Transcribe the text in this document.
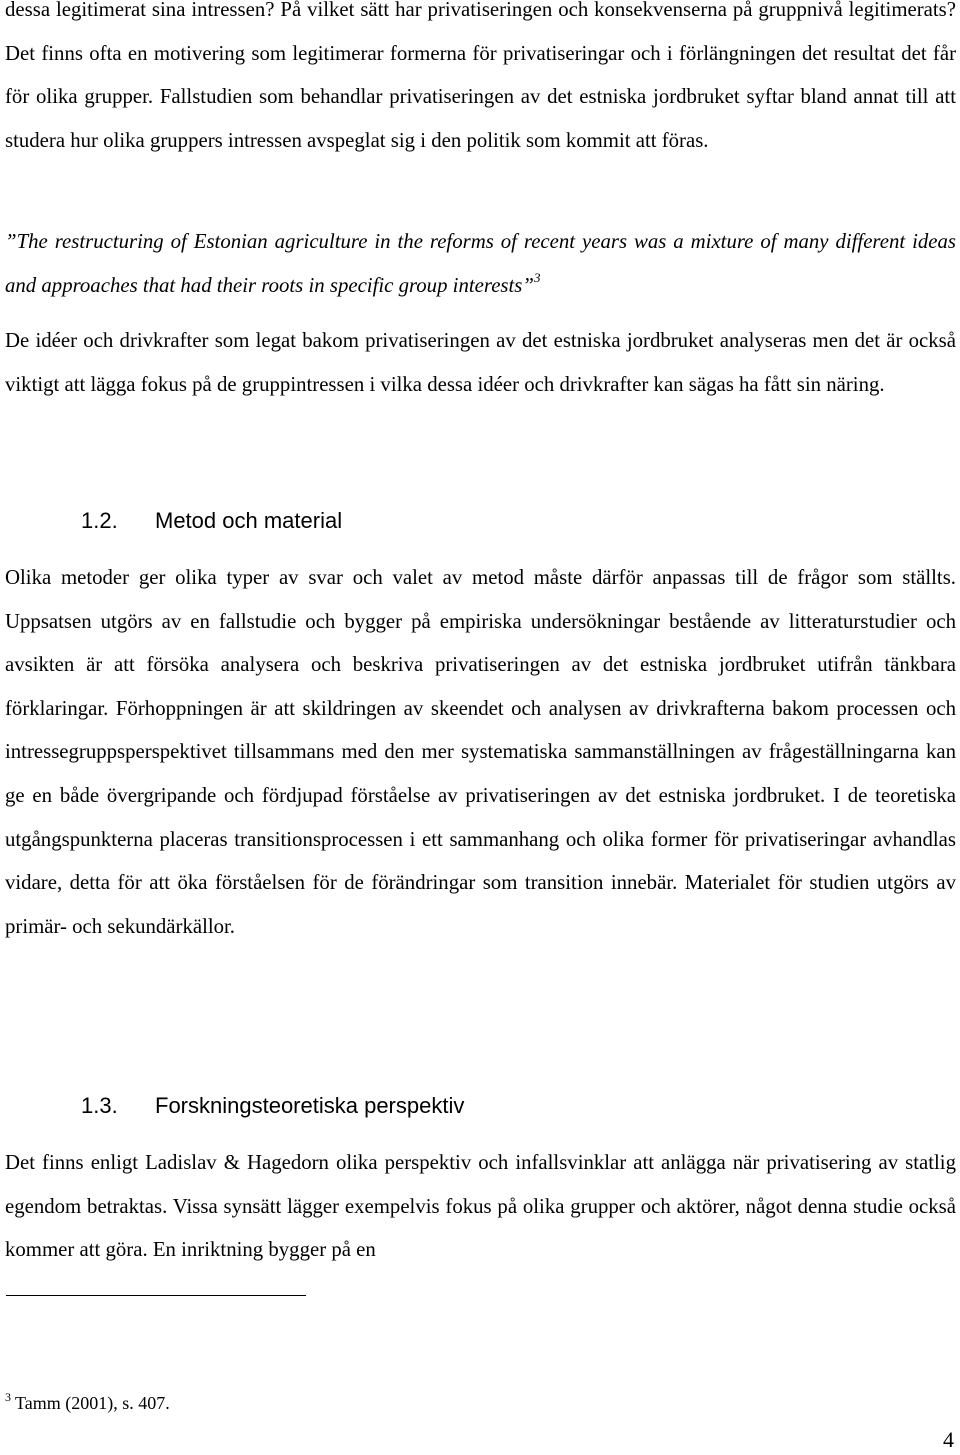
dessa legitimerat sina intressen? På vilket sätt har privatiseringen och konsekvenserna på gruppnivå legitimerats? Det finns ofta en motivering som legitimerar formerna för privatiseringar och i förlängningen det resultat det får för olika grupper. Fallstudien som behandlar privatiseringen av det estniska jordbruket syftar bland annat till att studera hur olika gruppers intressen avspeglat sig i den politik som kommit att föras.

”The restructuring of Estonian agriculture in the reforms of recent years was a mixture of many different ideas and approaches that had their roots in specific group interests”$^3$

De idéer och drivkrafter som legat bakom privatiseringen av det estniska jordbruket analyseras men det är också viktigt att lägga fokus på de gruppintressen i vilka dessa idéer och drivkrafter kan sägas ha fått sin näring.

1.2. Metod och material

Olika metoder ger olika typer av svar och valet av metod måste därför anpassas till de frågor som ställts. Uppsatsen utgörs av en fallstudie och bygger på empiriska undersökningar bestående av litteraturstudier och avsikten är att försöka analysera och beskriva privatiseringen av det estniska jordbruket utifrån tänkbara förklaringar. Förhoppningen är att skildringen av skeendet och analysen av drivkrafterna bakom processen och intressegruppsperspektivet tillsammans med den mer systematiska sammanställningen av frågeställningarna kan ge en både övergripande och fördjupad förståelse av privatiseringen av det estniska jordbruket. I de teoretiska utgångspunkterna placeras transitionsprocessen i ett sammanhang och olika former för privatiseringar avhandlas vidare, detta för att öka förståelsen för de förändringar som transition innebär. Materialet för studien utgörs av primär- och sekundärkällor.

1.3. Forskningsteoretiska perspektiv

Det finns enligt Ladislav & Hagedorn olika perspektiv och infallsvinklar att anlägga när privatisering av statlig egendom betraktas. Vissa synsätt lägger exempelvis fokus på olika grupper och aktörer, något denna studie också kommer att göra. En inriktning bygger på en

$^3$ Tamm (2001), s. 407.

4
